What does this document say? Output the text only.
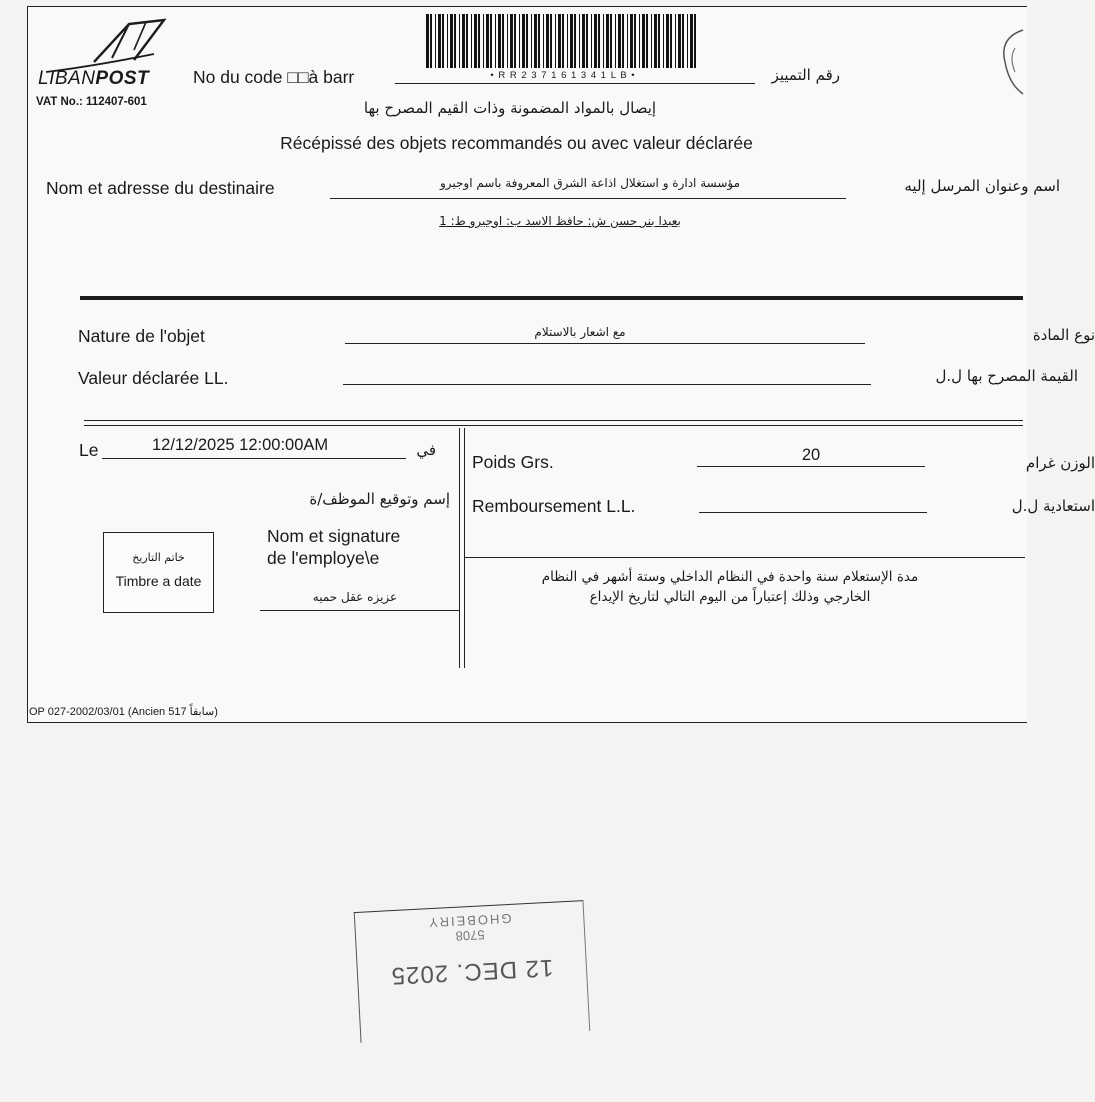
LIBANPOST
VAT No.: 112407-601
No du code □□à barr	• R R 2 3 7 1 6 1 3 4 1 L B •	رقم التمييز
إيصال بالمواد المضمونة وذات القيم المصرح بها
Récépissé des objets recommandés ou avec valeur déclarée
Nom et adresse du destinaire	مؤسسة ادارة و استغلال اذاعة الشرق المعروفة باسم اوجيرو	اسم وعنوان المرسل إليه
بعبدا بنر حسن ش: حافظ الاسد ب: اوجيرو ط: 1
Nature de l'objet	مع اشعار بالاستلام	نوع المادة
Valeur déclarée LL.	القيمة المصرح بها ل.ل
Le	12/12/2025 12:00:00AM	في
إسم وتوقيع الموظف/ة
Nom et signature
de l'employe\e
عزيزه عقل حميه
خاتم التاريخ
Timbre a date
Poids Grs.	20	الوزن غرام
Remboursement L.L.	استعادية ل.ل
مدة الإستعلام سنة واحدة في النظام الداخلي وستة أشهر في النظام
الخارجي وذلك إعتباراً من اليوم التالي لتاريخ الإيداع
OP 027-2002/03/01 (Ancien 517 سابقاً)
12 DEC. 2025
5708
GHOBEIRY
